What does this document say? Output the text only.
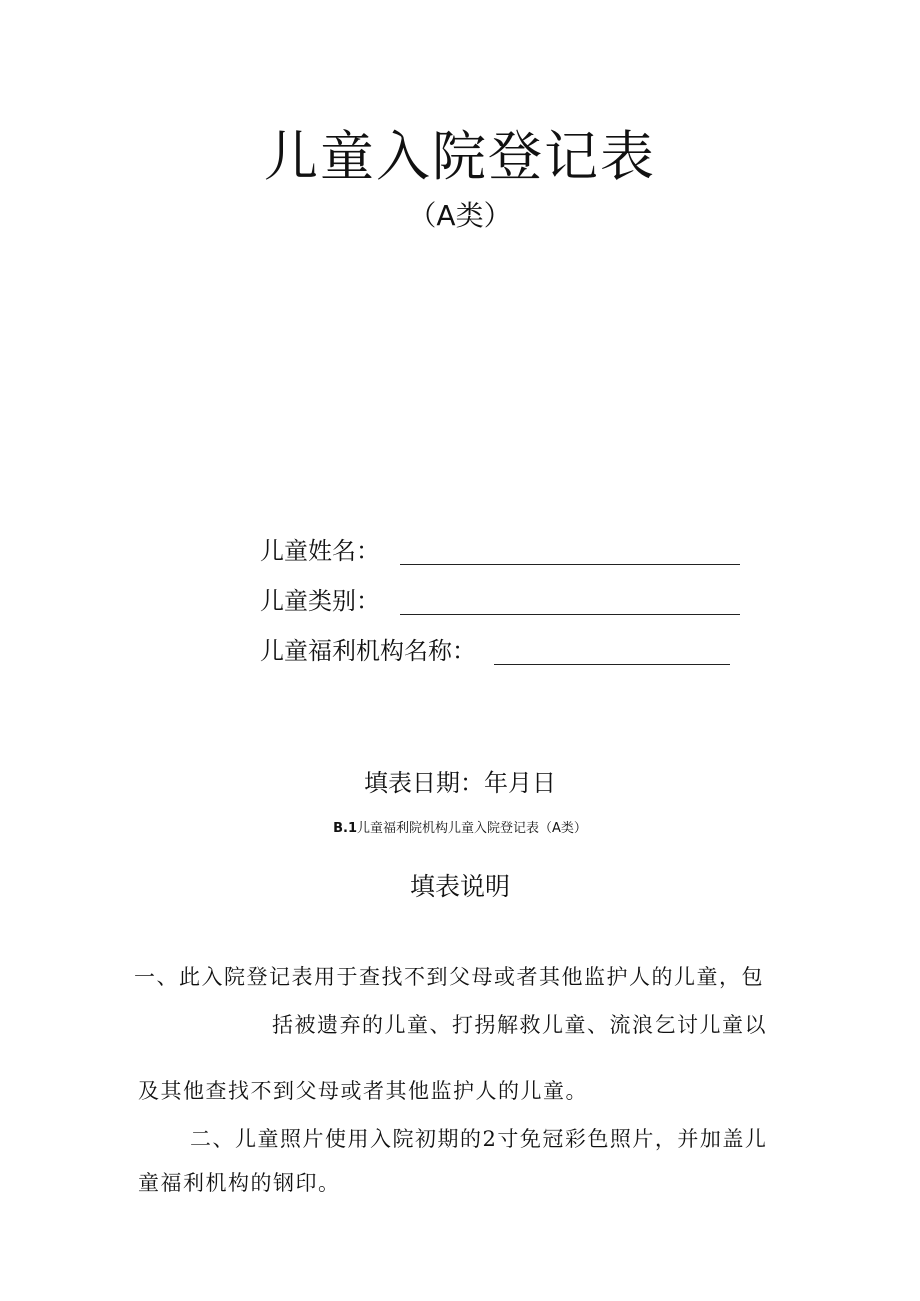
儿童入院登记表
（A类）
儿童姓名：
儿童类别：
儿童福利机构名称：
填表日期：年月日
B.1儿童福利院机构儿童入院登记表（A类）
填表说明
一、此入院登记表用于查找不到父母或者其他监护人的儿童，包
括被遗弃的儿童、打拐解救儿童、流浪乞讨儿童以
及其他查找不到父母或者其他监护人的儿童。
二、儿童照片使用入院初期的2寸免冠彩色照片，并加盖儿
童福利机构的钢印。
